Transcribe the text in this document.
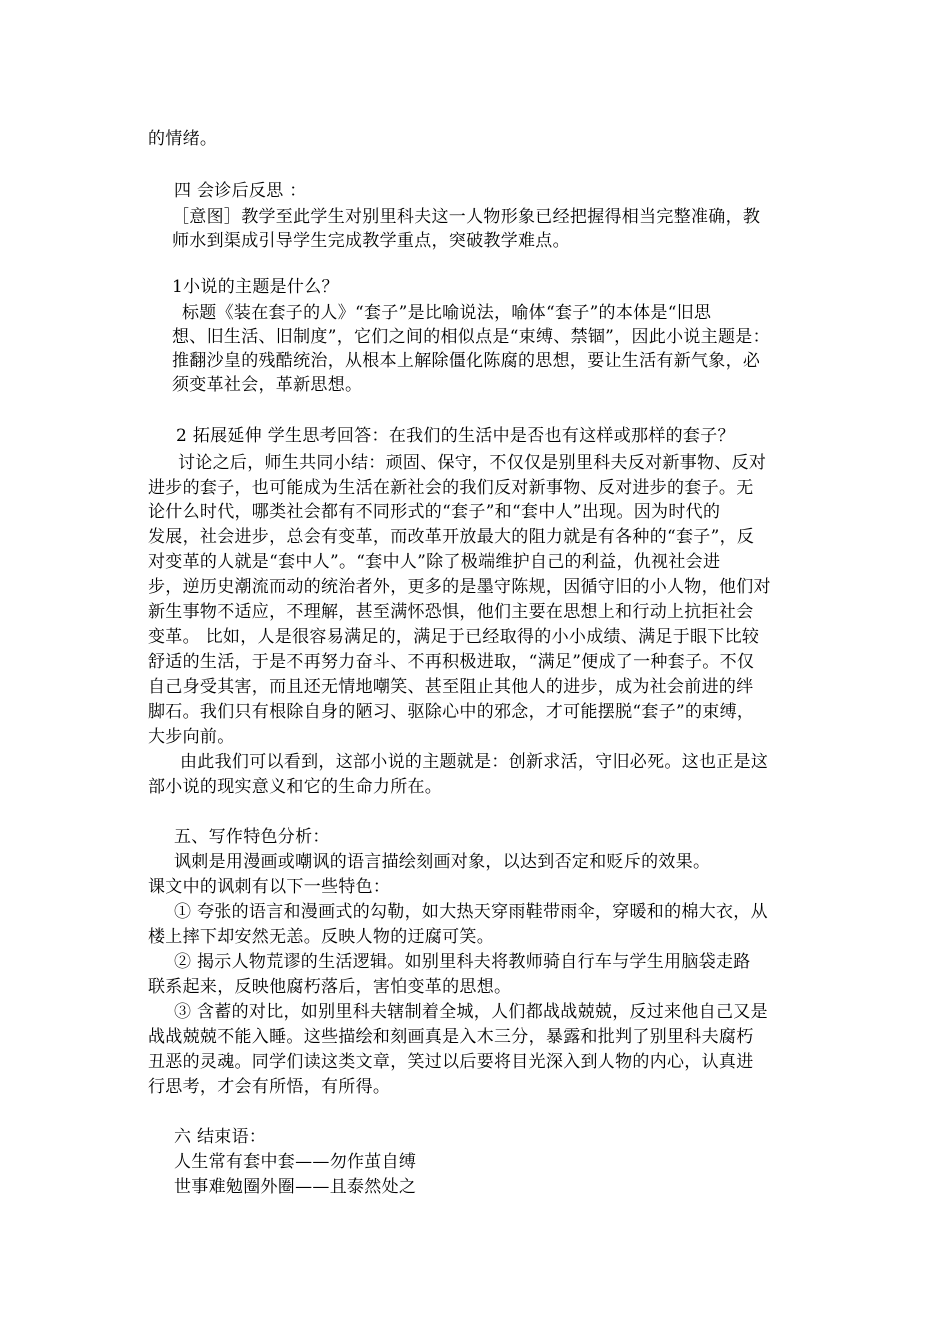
的情绪。
四 会诊后反思 ：
［意图］教学至此学生对别里科夫这一人物形象已经把握得相当完整准确，教
师水到渠成引导学生完成教学重点，突破教学难点。
1小说的主题是什么？
标题《装在套子的人》“套子”是比喻说法，喻体“套子”的本体是“旧思
想、旧生活、旧制度”，它们之间的相似点是“束缚、禁锢”，因此小说主题是：
推翻沙皇的残酷统治，从根本上解除僵化陈腐的思想，要让生活有新气象，必
须变革社会，革新思想。
2 拓展延伸 学生思考回答：在我们的生活中是否也有这样或那样的套子？
讨论之后，师生共同小结：顽固、保守，不仅仅是别里科夫反对新事物、反对
进步的套子，也可能成为生活在新社会的我们反对新事物、反对进步的套子。无
论什么时代，哪类社会都有不同形式的“套子”和“套中人”出现。因为时代的
发展，社会进步，总会有变革，而改革开放最大的阻力就是有各种的“套子”，反
对变革的人就是“套中人”。“套中人”除了极端维护自己的利益，仇视社会进
步，逆历史潮流而动的统治者外，更多的是墨守陈规，因循守旧的小人物，他们对
新生事物不适应，不理解，甚至满怀恐惧，他们主要在思想上和行动上抗拒社会
变革。 比如，人是很容易满足的，满足于已经取得的小小成绩、满足于眼下比较
舒适的生活，于是不再努力奋斗、不再积极进取，“满足”便成了一种套子。不仅
自己身受其害，而且还无情地嘲笑、甚至阻止其他人的进步，成为社会前进的绊
脚石。我们只有根除自身的陋习、驱除心中的邪念，才可能摆脱“套子”的束缚，
大步向前。
由此我们可以看到，这部小说的主题就是：创新求活，守旧必死。这也正是这
部小说的现实意义和它的生命力所在。
五、写作特色分析：
讽刺是用漫画或嘲讽的语言描绘刻画对象，以达到否定和贬斥的效果。
课文中的讽刺有以下一些特色：
① 夸张的语言和漫画式的勾勒，如大热天穿雨鞋带雨伞，穿暖和的棉大衣，从
楼上摔下却安然无恙。反映人物的迂腐可笑。
② 揭示人物荒谬的生活逻辑。如别里科夫将教师骑自行车与学生用脑袋走路
联系起来，反映他腐朽落后，害怕变革的思想。
③ 含蓄的对比，如别里科夫辖制着全城，人们都战战兢兢，反过来他自己又是
战战兢兢不能入睡。这些描绘和刻画真是入木三分，暴露和批判了别里科夫腐朽
丑恶的灵魂。同学们读这类文章，笑过以后要将目光深入到人物的内心，认真进
行思考，才会有所悟，有所得。
六 结束语：
人生常有套中套——勿作茧自缚
世事难勉圈外圈——且泰然处之
